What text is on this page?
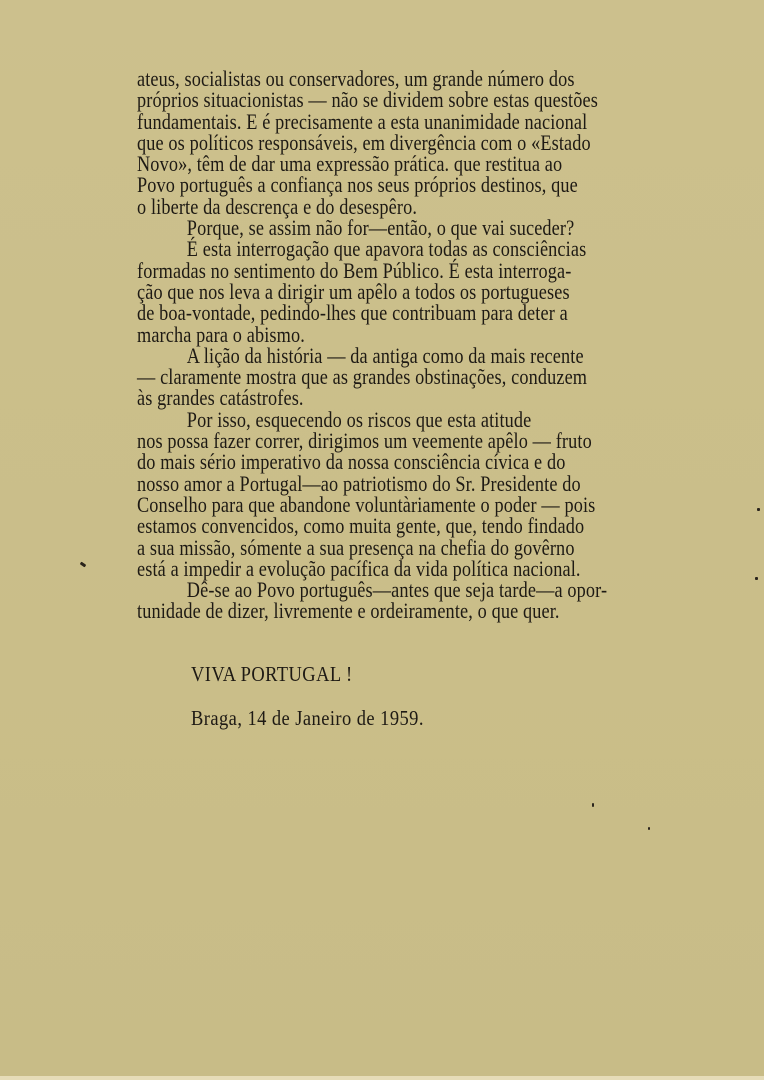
ateus, socialistas ou conservadores, um grande número dos
próprios situacionistas — não se dividem sobre estas questões
fundamentais. E é precisamente a esta unanimidade nacional
que os políticos responsáveis, em divergência com o «Estado
Novo», têm de dar uma expressão prática. que restitua ao
Povo português a confiança nos seus próprios destinos, que
o liberte da descrença e do desespêro.
Porque, se assim não for—então, o que vai suceder?
É esta interrogação que apavora todas as consciências
formadas no sentimento do Bem Público. É esta interroga-
ção que nos leva a dirigir um apêlo a todos os portugueses
de boa-vontade, pedindo-lhes que contribuam para deter a
marcha para o abismo.
A lição da história — da antiga como da mais recente
— claramente mostra que as grandes obstinações, conduzem
às grandes catástrofes.
Por isso, esquecendo os riscos que esta atitude
nos possa fazer correr, dirigimos um veemente apêlo — fruto
do mais sério imperativo da nossa consciência cívica e do
nosso amor a Portugal—ao patriotismo do Sr. Presidente do
Conselho para que abandone voluntàriamente o poder — pois
estamos convencidos, como muita gente, que, tendo findado
a sua missão, sómente a sua presença na chefia do govêrno
está a impedir a evolução pacífica da vida política nacional.
Dê-se ao Povo português—antes que seja tarde—a opor-
tunidade de dizer, livremente e ordeiramente, o que quer.
VIVA PORTUGAL !
Braga, 14 de Janeiro de 1959.
